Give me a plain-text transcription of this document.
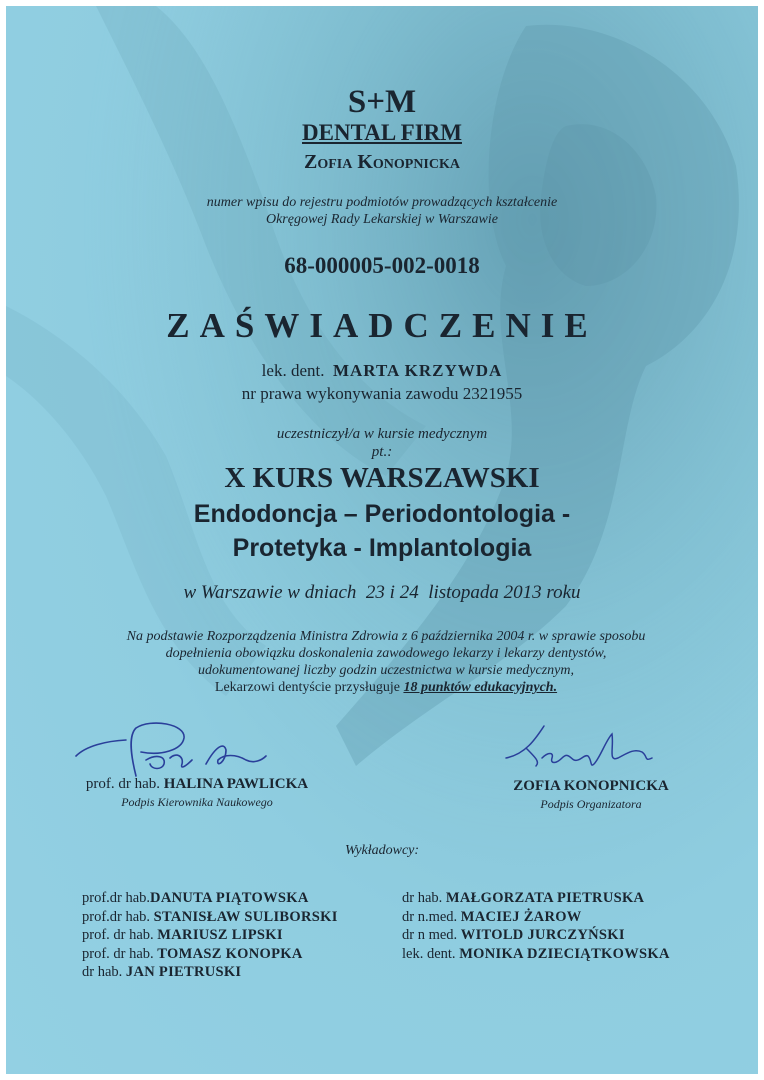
S+M
DENTAL FIRM
Zofia Konopnicka
numer wpisu do rejestru podmiotów prowadzących kształcenie
Okręgowej Rady Lekarskiej w Warszawie
68-000005-002-0018
ZAŚWIADCZENIE
lek. dent. MARTA KRZYWDA
nr prawa wykonywania zawodu 2321955
uczestniczył/a w kursie medycznym
pt.:
X KURS WARSZAWSKI
Endodoncja – Periodontologia -
Protetyka - Implantologia
w Warszawie w dniach  23 i 24  listopada 2013 roku
Na podstawie Rozporządzenia Ministra Zdrowia z 6 października 2004 r. w sprawie sposobu
dopełnienia obowiązku doskonalenia zawodowego lekarzy i lekarzy dentystów,
udokumentowanej liczby godzin uczestnictwa w kursie medycznym,
Lekarzowi dentyście przysługuje 18 punktów edukacyjnych.
prof. dr hab. HALINA PAWLICKA
Podpis Kierownika Naukowego
ZOFIA KONOPNICKA
Podpis Organizatora
Wykładowcy:
prof.dr hab.DANUTA PIĄTOWSKA
prof.dr hab. STANISŁAW SULIBORSKI
prof. dr hab. MARIUSZ LIPSKI
prof. dr hab. TOMASZ KONOPKA
dr hab. JAN PIETRUSKI
dr hab. MAŁGORZATA PIETRUSKA
dr n.med. MACIEJ ŻAROW
dr n med. WITOLD JURCZYŃSKI
lek. dent. MONIKA DZIECIĄTKOWSKA
